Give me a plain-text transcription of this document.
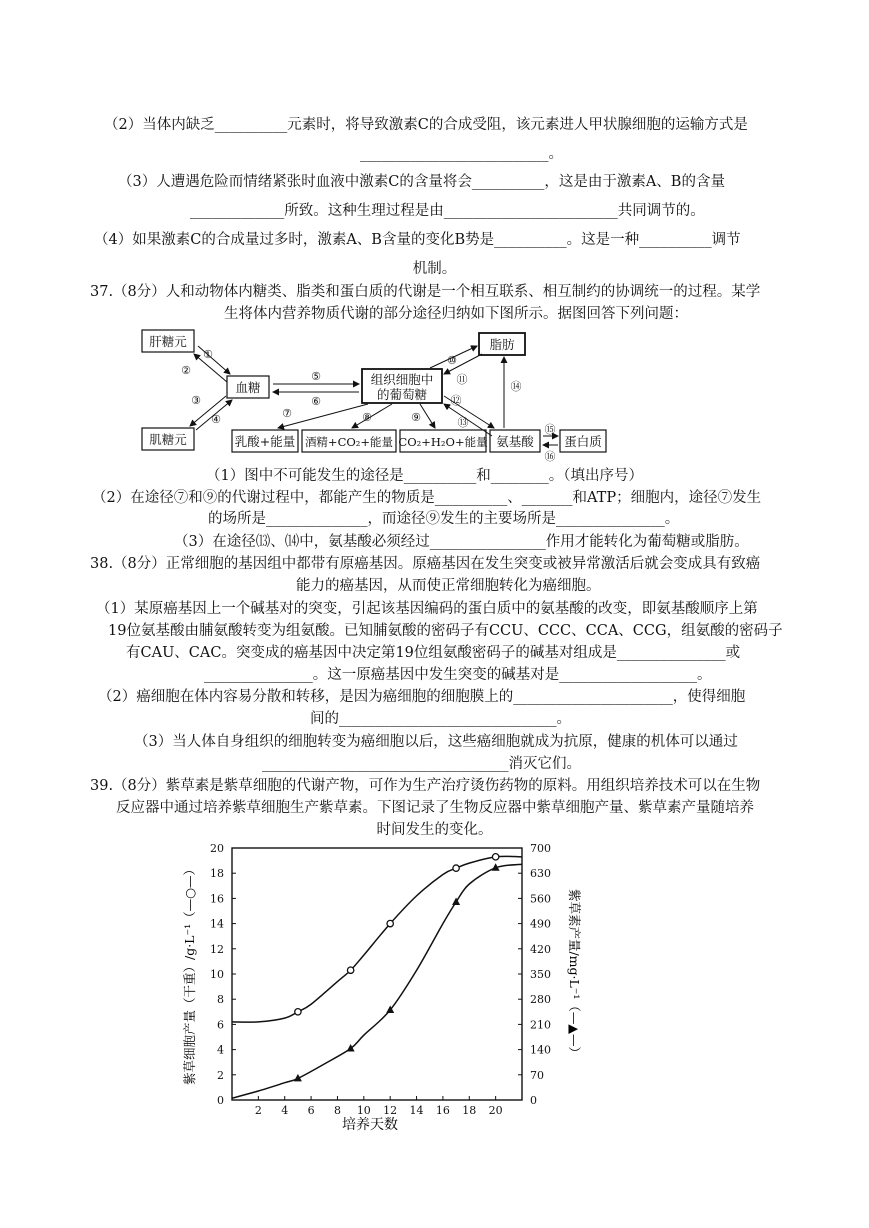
（2）当体内缺乏__________元素时，将导致激素C的合成受阻，该元素进人甲状腺细胞的运输方式是
__________________________。
（3）人遭遇危险而情绪紧张时血液中激素C的含量将会__________，这是由于激素A、B的含量
_____________所致。这种生理过程是由________________________共同调节的。
（4）如果激素C的合成量过多时，激素A、B含量的变化B势是__________。这是一种__________调节
机制。
37.（8分）人和动物体内糖类、脂类和蛋白质的代谢是一个相互联系、相互制约的协调统一的过程。某学
生将体内营养物质代谢的部分途径归纳如下图所示。据图回答下列问题：
肝糖元
血糖
肌糖元
组织细胞中
的葡萄糖
脂肪
乳酸+能量 酒精+CO₂+能量 CO₂+H₂O+能量 氨基酸 蛋白质
①
②
③
④
⑤
⑥
⑦	⑧	⑨
⑩
⑪
⑫
⑬
⑭
⑮
⑯
（1）图中不可能发生的途径是__________和________。（填出序号）
（2）在途径⑦和⑨的代谢过程中，都能产生的物质是__________、_______和ATP；细胞内，途径⑦发生
的场所是______________，而途径⑨发生的主要场所是_______________。
（3）在途径⒀、⒁中，氨基酸必须经过________________作用才能转化为葡萄糖或脂肪。
38.（8分）正常细胞的基因组中都带有原癌基因。原癌基因在发生突变或被异常激活后就会变成具有致癌
能力的癌基因，从而使正常细胞转化为癌细胞。
（1）某原癌基因上一个碱基对的突变，引起该基因编码的蛋白质中的氨基酸的改变，即氨基酸顺序上第
19位氨基酸由脯氨酸转变为组氨酸。已知脯氨酸的密码子有CCU、CCC、CCA、CCG，组氨酸的密码子
有CAU、CAC。突变成的癌基因中决定第19位组氨酸密码子的碱基对组成是_______________或
_______________。这一原癌基因中发生突变的碱基对是___________________。
（2）癌细胞在体内容易分散和转移，是因为癌细胞的细胞膜上的______________________，使得细胞
间的______________________________。
（3）当人体自身组织的细胞转变为癌细胞以后，这些癌细胞就成为抗原，健康的机体可以通过
__________________________________消灭它们。
39.（8分）紫草素是紫草细胞的代谢产物，可作为生产治疗烫伤药物的原料。用组织培养技术可以在生物
反应器中通过培养紫草细胞生产紫草素。下图记录了生物反应器中紫草细胞产量、紫草素产量随培养
时间发生的变化。
2 4 6 8 10 12 14 16 18 20
0
2
4
6
8
10
12
14
16
18
20
0
70
140
210
280
350
420
490
560
630
700
培养天数
紫草细胞产量（干重）/g·L⁻¹（—○—）	紫草素产量/mg·L⁻¹（—▲—）
